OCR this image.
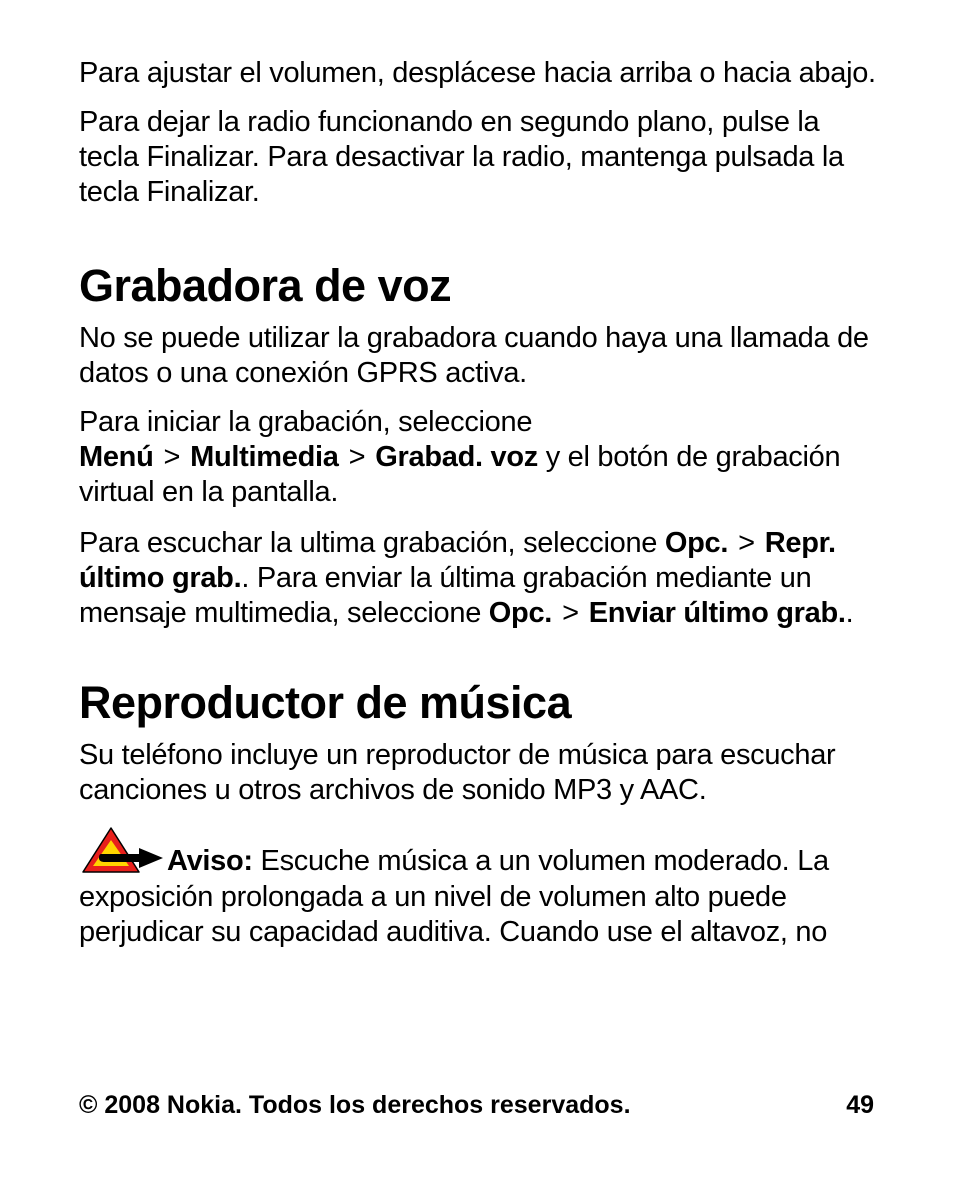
Para ajustar el volumen, desplácese hacia arriba o hacia abajo.

Para dejar la radio funcionando en segundo plano, pulse la tecla Finalizar. Para desactivar la radio, mantenga pulsada la tecla Finalizar.

Grabadora de voz

No se puede utilizar la grabadora cuando haya una llamada de datos o una conexión GPRS activa.

Para iniciar la grabación, seleccione Menú > Multimedia > Grabad. voz y el botón de grabación virtual en la pantalla.

Para escuchar la ultima grabación, seleccione Opc. > Repr. último grab.. Para enviar la última grabación mediante un mensaje multimedia, seleccione Opc. > Enviar último grab..

Reproductor de música

Su teléfono incluye un reproductor de música para escuchar canciones u otros archivos de sonido MP3 y AAC.

Aviso: Escuche música a un volumen moderado. La exposición prolongada a un nivel de volumen alto puede perjudicar su capacidad auditiva. Cuando use el altavoz, no

© 2008 Nokia. Todos los derechos reservados.	49
